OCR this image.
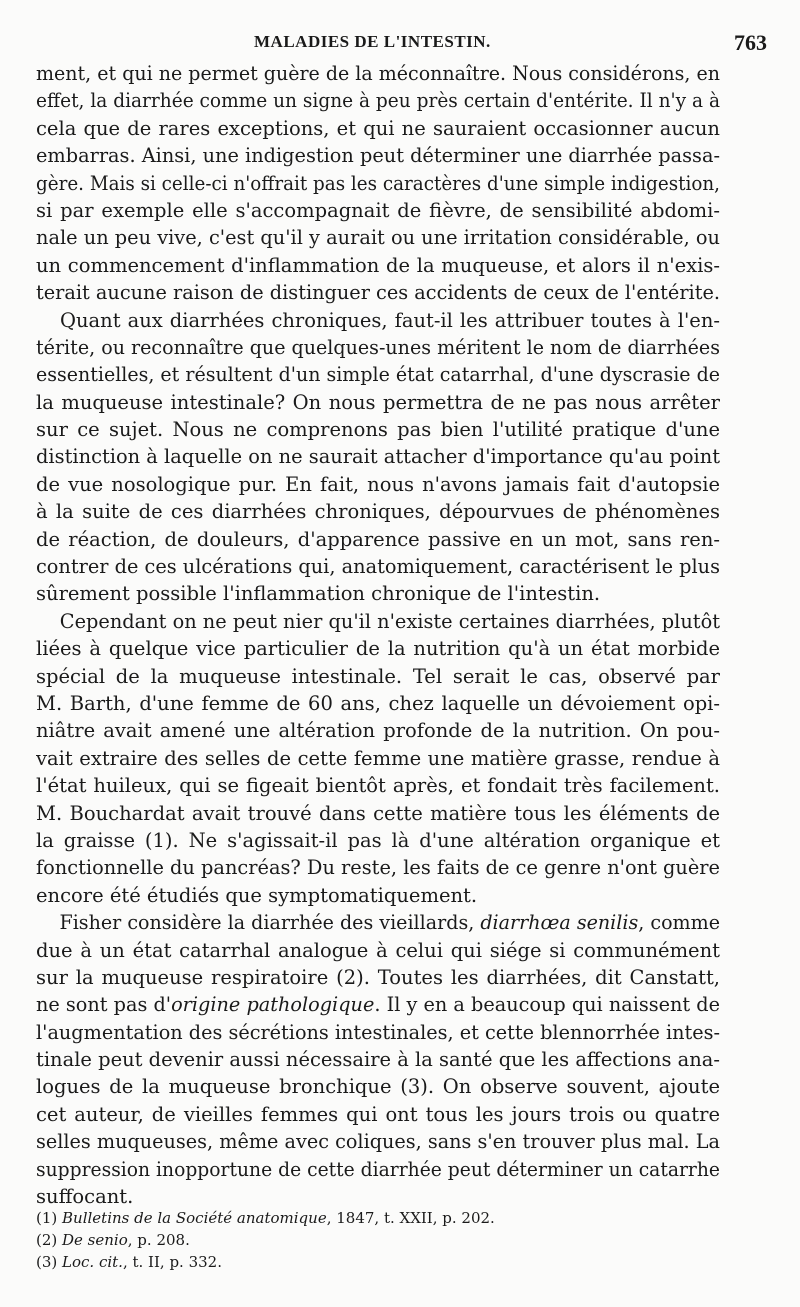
MALADIES DE L'INTESTIN.	763
ment, et qui ne permet guère de la méconnaître. Nous considérons, en
effet, la diarrhée comme un signe à peu près certain d'entérite. Il n'y a à
cela que de rares exceptions, et qui ne sauraient occasionner aucun
embarras. Ainsi, une indigestion peut déterminer une diarrhée passa-
gère. Mais si celle-ci n'offrait pas les caractères d'une simple indigestion,
si par exemple elle s'accompagnait de fièvre, de sensibilité abdomi-
nale un peu vive, c'est qu'il y aurait ou une irritation considérable, ou
un commencement d'inflammation de la muqueuse, et alors il n'exis-
terait aucune raison de distinguer ces accidents de ceux de l'entérite.
Quant aux diarrhées chroniques, faut-il les attribuer toutes à l'en-
térite, ou reconnaître que quelques-unes méritent le nom de diarrhées
essentielles, et résultent d'un simple état catarrhal, d'une dyscrasie de
la muqueuse intestinale? On nous permettra de ne pas nous arrêter
sur ce sujet. Nous ne comprenons pas bien l'utilité pratique d'une
distinction à laquelle on ne saurait attacher d'importance qu'au point
de vue nosologique pur. En fait, nous n'avons jamais fait d'autopsie
à la suite de ces diarrhées chroniques, dépourvues de phénomènes
de réaction, de douleurs, d'apparence passive en un mot, sans ren-
contrer de ces ulcérations qui, anatomiquement, caractérisent le plus
sûrement possible l'inflammation chronique de l'intestin.
Cependant on ne peut nier qu'il n'existe certaines diarrhées, plutôt
liées à quelque vice particulier de la nutrition qu'à un état morbide
spécial de la muqueuse intestinale. Tel serait le cas, observé par
M. Barth, d'une femme de 60 ans, chez laquelle un dévoiement opi-
niâtre avait amené une altération profonde de la nutrition. On pou-
vait extraire des selles de cette femme une matière grasse, rendue à
l'état huileux, qui se figeait bientôt après, et fondait très facilement.
M. Bouchardat avait trouvé dans cette matière tous les éléments de
la graisse (1). Ne s'agissait-il pas là d'une altération organique et
fonctionnelle du pancréas? Du reste, les faits de ce genre n'ont guère
encore été étudiés que symptomatiquement.
Fisher considère la diarrhée des vieillards, diarrhœa senilis, comme
due à un état catarrhal analogue à celui qui siége si communément
sur la muqueuse respiratoire (2). Toutes les diarrhées, dit Canstatt,
ne sont pas d'origine pathologique. Il y en a beaucoup qui naissent de
l'augmentation des sécrétions intestinales, et cette blennorrhée intes-
tinale peut devenir aussi nécessaire à la santé que les affections ana-
logues de la muqueuse bronchique (3). On observe souvent, ajoute
cet auteur, de vieilles femmes qui ont tous les jours trois ou quatre
selles muqueuses, même avec coliques, sans s'en trouver plus mal. La
suppression inopportune de cette diarrhée peut déterminer un catarrhe
suffocant.
(1) Bulletins de la Société anatomique, 1847, t. XXII, p. 202.
(2) De senio, p. 208.
(3) Loc. cit., t. II, p. 332.
